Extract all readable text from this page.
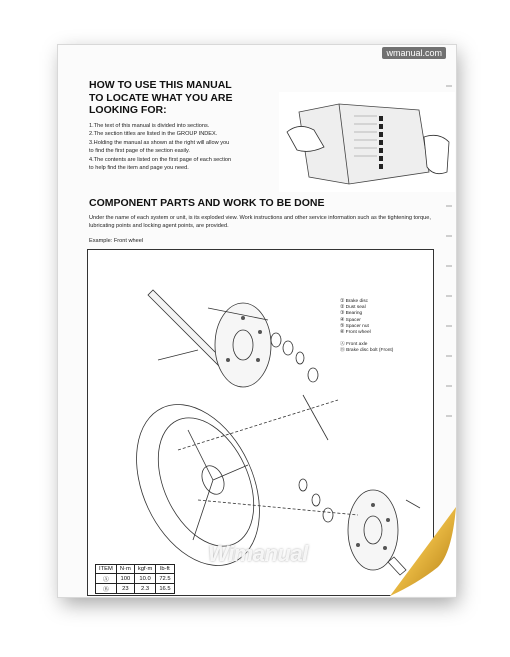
wmanual.com
HOW TO USE THIS MANUAL
TO LOCATE WHAT YOU ARE
LOOKING FOR:
1.The text of this manual is divided into sections.
2.The section titles are listed in the GROUP INDEX.
3.Holding the manual as shown at the right will allow you
to find the first page of the section easily.
4.The contents are listed on the first page of each section
to help find the item and page you need.
COMPONENT PARTS AND WORK TO BE DONE
Under the name of each system or unit, is its exploded view. Work instructions and other service information such as the tightening torque, lubricating points and locking agent points, are provided.
Example: Front wheel
① Brake disc
② Dust seal
③ Bearing
④ Spacer
⑤ Spacer nut
⑥ Front wheel
Ⓐ Front axle
Ⓑ Brake disc bolt (Front)
ITEM	N·m	kgf·m	lb-ft
Ⓐ	100	10.0	72.5
Ⓑ	23	2.3	16.5
Wimanual
